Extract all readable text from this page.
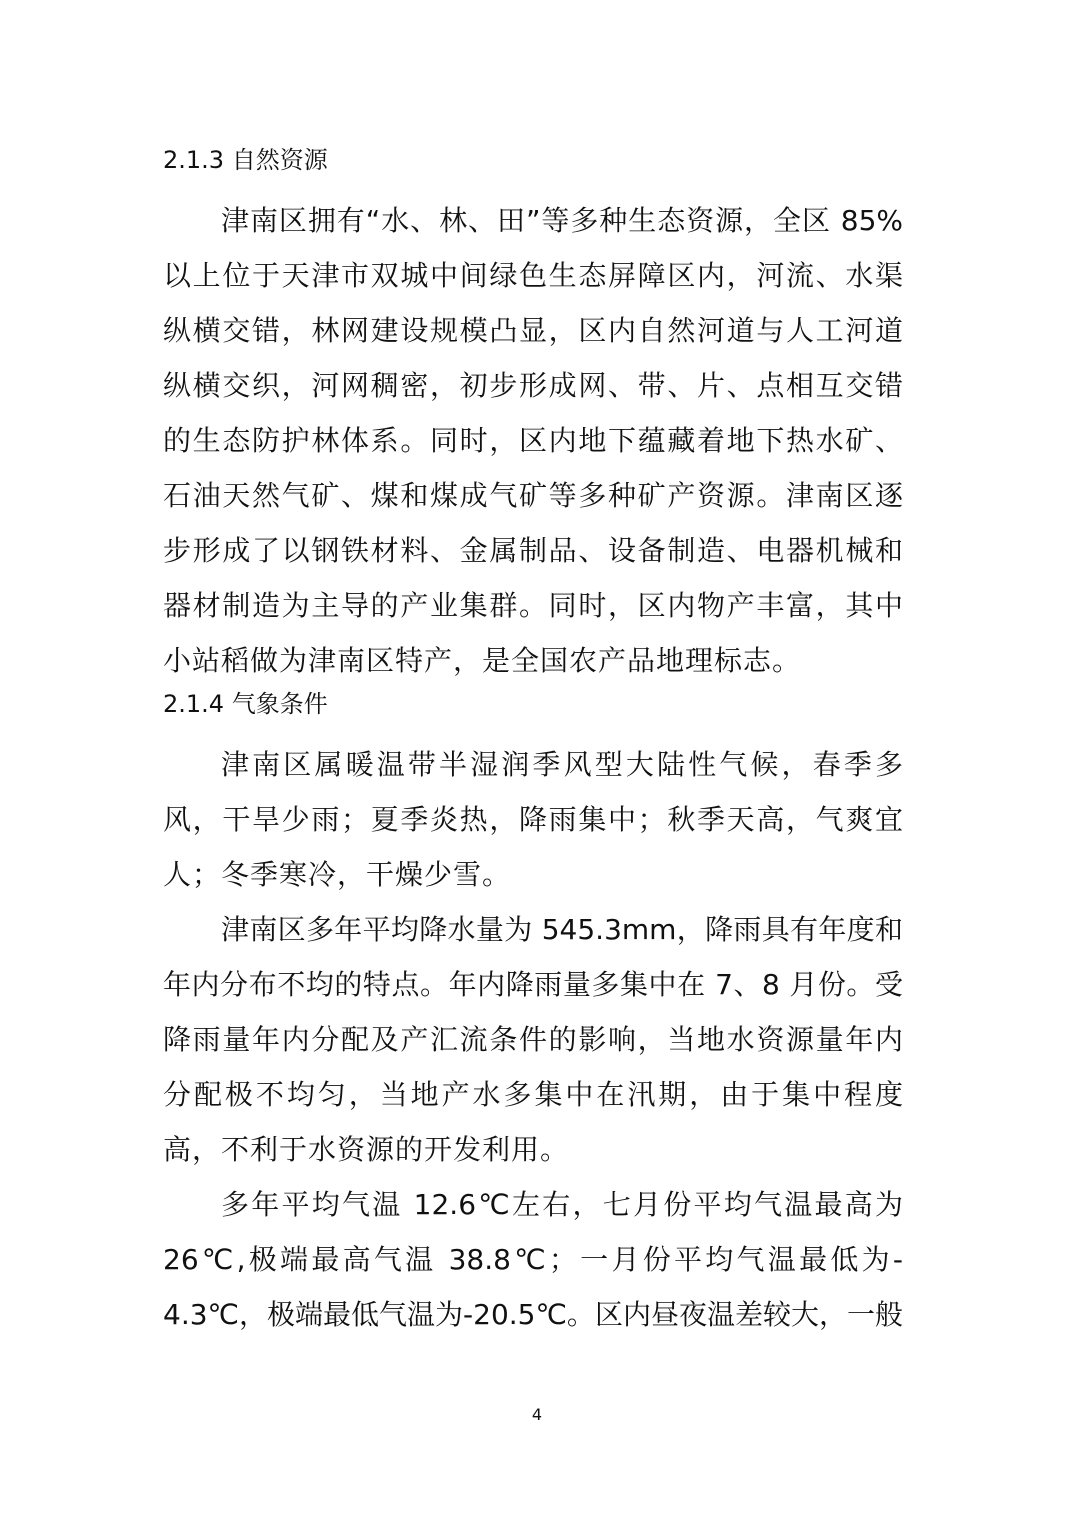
2.1.3 自然资源
津南区拥有“水、林、田”等多种生态资源，全区 85%
以上位于天津市双城中间绿色生态屏障区内，河流、水渠
纵横交错，林网建设规模凸显，区内自然河道与人工河道
纵横交织，河网稠密，初步形成网、带、片、点相互交错
的生态防护林体系。同时，区内地下蕴藏着地下热水矿、
石油天然气矿、煤和煤成气矿等多种矿产资源。津南区逐
步形成了以钢铁材料、金属制品、设备制造、电器机械和
器材制造为主导的产业集群。同时，区内物产丰富，其中
小站稻做为津南区特产，是全国农产品地理标志。
2.1.4 气象条件
津南区属暖温带半湿润季风型大陆性气候，春季多
风，干旱少雨；夏季炎热，降雨集中；秋季天高，气爽宜
人；冬季寒冷，干燥少雪。
津南区多年平均降水量为 545.3mm，降雨具有年度和
年内分布不均的特点。年内降雨量多集中在 7、8 月份。受
降雨量年内分配及产汇流条件的影响，当地水资源量年内
分配极不均匀，当地产水多集中在汛期，由于集中程度
高，不利于水资源的开发利用。
多年平均气温 12.6℃左右，七月份平均气温最高为
26℃,极端最高气温 38.8℃；一月份平均气温最低为-
4.3℃，极端最低气温为-20.5℃。区内昼夜温差较大，一般
4
